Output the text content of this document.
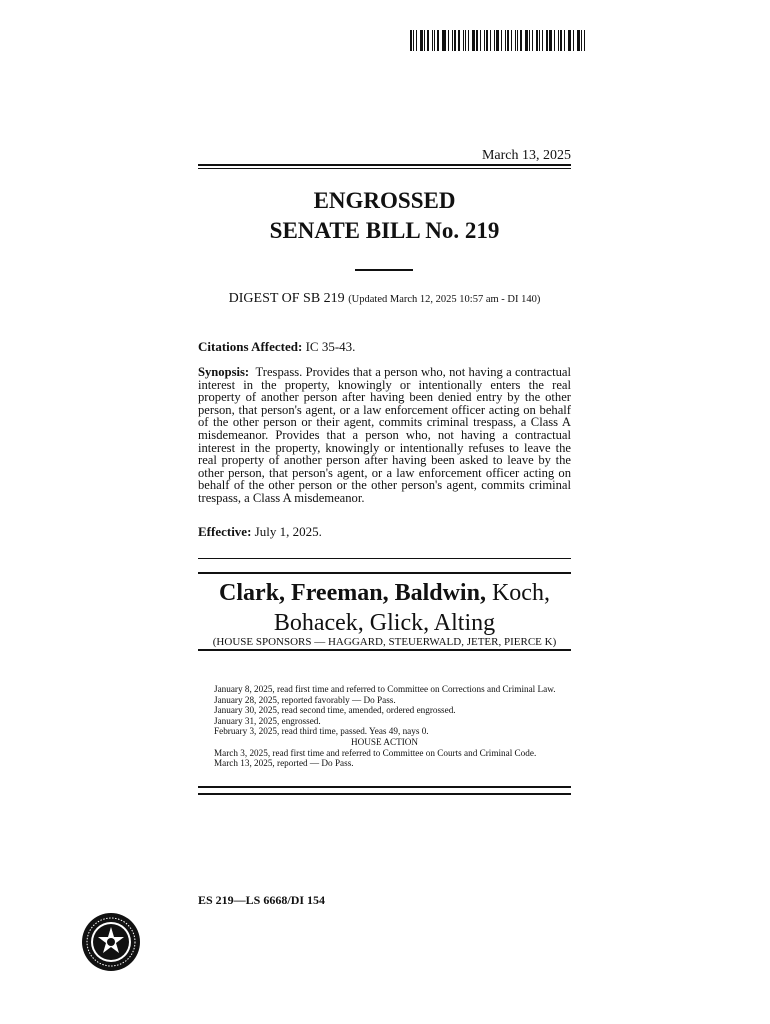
March 13, 2025
ENGROSSED
SENATE BILL No. 219
DIGEST OF SB 219 (Updated March 12, 2025 10:57 am - DI 140)
Citations Affected: IC 35-43.
Synopsis: Trespass. Provides that a person who, not having a contractual interest in the property, knowingly or intentionally enters the real property of another person after having been denied entry by the other person, that person's agent, or a law enforcement officer acting on behalf of the other person or their agent, commits criminal trespass, a Class A misdemeanor. Provides that a person who, not having a contractual interest in the property, knowingly or intentionally refuses to leave the real property of another person after having been asked to leave by the other person, that person's agent, or a law enforcement officer acting on behalf of the other person or the other person's agent, commits criminal trespass, a Class A misdemeanor.
Effective: July 1, 2025.
Clark, Freeman, Baldwin, Koch,
Bohacek, Glick, Alting
(HOUSE SPONSORS — HAGGARD, STEUERWALD, JETER, PIERCE K)
January 8, 2025, read first time and referred to Committee on Corrections and Criminal Law.
January 28, 2025, reported favorably — Do Pass.
January 30, 2025, read second time, amended, ordered engrossed.
January 31, 2025, engrossed.
February 3, 2025, read third time, passed. Yeas 49, nays 0.
HOUSE ACTION
March 3, 2025, read first time and referred to Committee on Courts and Criminal Code.
March 13, 2025, reported — Do Pass.
ES 219—LS 6668/DI 154
